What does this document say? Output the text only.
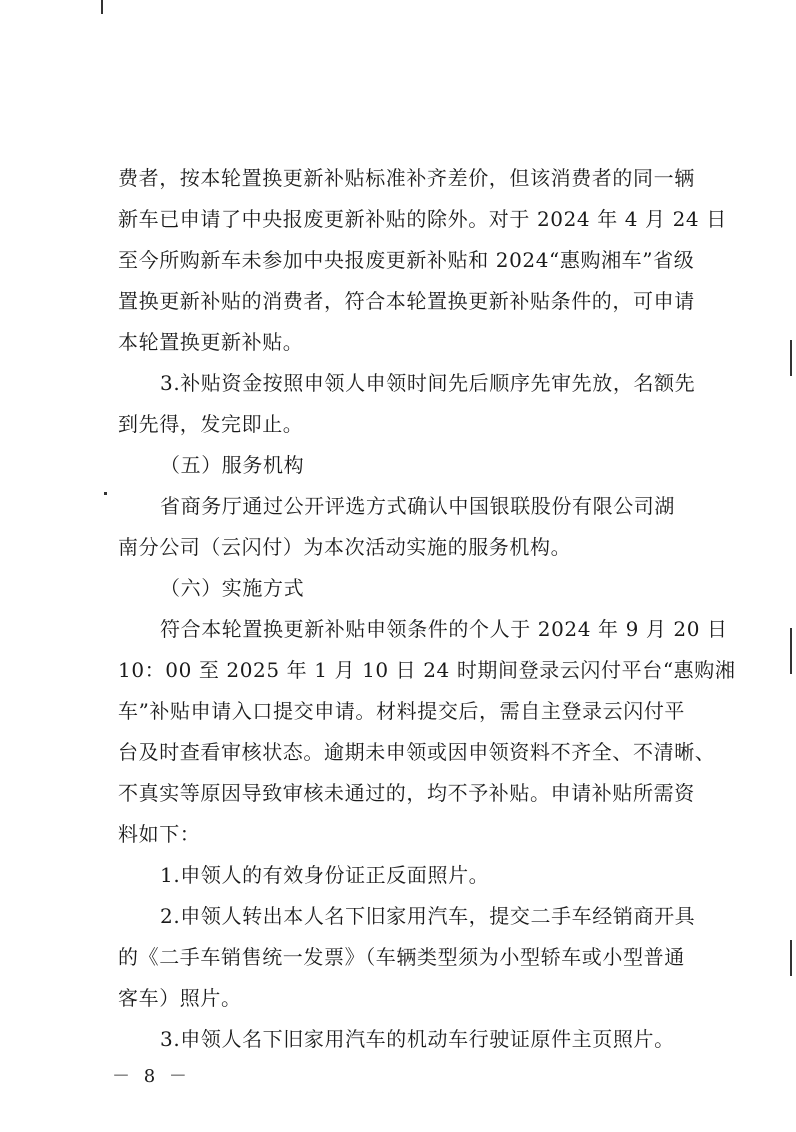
费者，按本轮置换更新补贴标准补齐差价，但该消费者的同一辆
新车已申请了中央报废更新补贴的除外。对于 2024 年 4 月 24 日
至今所购新车未参加中央报废更新补贴和 2024“惠购湘车”省级
置换更新补贴的消费者，符合本轮置换更新补贴条件的，可申请
本轮置换更新补贴。
3.补贴资金按照申领人申领时间先后顺序先审先放，名额先
到先得，发完即止。
（五）服务机构
省商务厅通过公开评选方式确认中国银联股份有限公司湖
南分公司（云闪付）为本次活动实施的服务机构。
（六）实施方式
符合本轮置换更新补贴申领条件的个人于 2024 年 9 月 20 日
10：00 至 2025 年 1 月 10 日 24 时期间登录云闪付平台“惠购湘
车”补贴申请入口提交申请。材料提交后，需自主登录云闪付平
台及时查看审核状态。逾期未申领或因申领资料不齐全、不清晰、
不真实等原因导致审核未通过的，均不予补贴。申请补贴所需资
料如下：
1.申领人的有效身份证正反面照片。
2.申领人转出本人名下旧家用汽车，提交二手车经销商开具
的《二手车销售统一发票》（车辆类型须为小型轿车或小型普通
客车）照片。
3.申领人名下旧家用汽车的机动车行驶证原件主页照片。
－ 8 －
